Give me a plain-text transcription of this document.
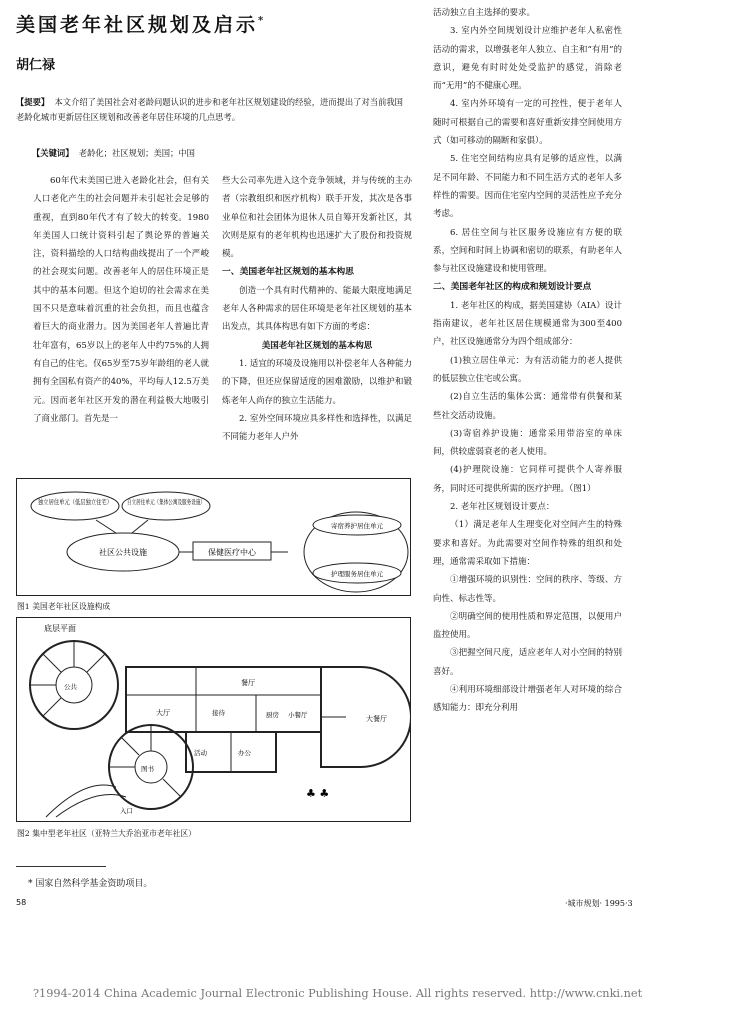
美国老年社区规划及启示*
胡仁禄
【提要】 本文介绍了美国社会对老龄问题认识的进步和老年社区规划建设的经验，进而提出了对当前我国老龄化城市更新居住区规划和改善老年居住环境的几点思考。
【关键词】 老龄化；社区规划；美国；中国

60年代末美国已进入老龄化社会，但有关人口老化产生的社会问题并未引起社会足够的重视，直到80年代才有了较大的转变。1980年美国人口统计资料引起了舆论界的普遍关注，资料描绘的人口结构曲线提出了一个严峻的社会现实问题。改善老年人的居住环境正是其中的基本问题。但这个迫切的社会需求在美国不只是意味着沉重的社会负担，而且也蕴含着巨大的商业潜力。因为美国老年人普遍比青壮年富有，65岁以上的老年人中约75%的人拥有自己的住宅。仅65岁至75岁年龄组的老人就拥有全国私有资产的40%，平均每人12.5万美元。因而老年社区开发的潜在利益极大地吸引了商业部门。首先是一

些大公司率先进入这个竞争领域，并与传统的主办者（宗教组织和医疗机构）联手开发，其次是各事业单位和社会团体为退休人员自筹开发新社区，其次则是原有的老年机构也迅速扩大了股份和投资规模。

一、美国老年社区规划的基本构思

创造一个具有时代精神的、能最大限度地满足老年人各种需求的居住环境是老年社区规划的基本出发点，其具体构思有如下方面的考虑：

美国老年社区规划的基本构思

1. 适宜的环境及设施用以补偿老年人各种能力的下降，但还应保留适度的困难激励，以维护和锻炼老年人尚存的独立生活能力。

2. 室外空间环境应具多样性和选择性，以满足不同能力老年人户外

活动独立自主选择的要求。

3. 室内外空间规划设计应维护老年人私密性活动的需求，以增强老年人独立、自主和“有用”的意识，避免有时时处处受监护的感觉，消除老而“无用”的不健康心理。

4. 室内外环境有一定的可控性，便于老年人随时可根据自己的需要和喜好重新安排空间使用方式（如可移动的隔断和家俱）。

5. 住宅空间结构应具有足够的适应性，以满足不同年龄、不同能力和不同生活方式的老年人多样性的需要。因而住宅室内空间的灵活性应予充分考虑。

6. 居住空间与社区服务设施应有方便的联系，空间和时间上协调和密切的联系，有助老年人参与社区设施建设和使用管理。

二、美国老年社区的构成和规划设计要点

1. 老年社区的构成，据美国建协（AIA）设计指南建议，老年社区居住规模通常为300至400户，社区设施通常分为四个组成部分：

(1)独立居住单元：为有活动能力的老人提供的低层独立住宅或公寓。

(2)自立生活的集体公寓：通常带有供餐和某些社交活动设施。

(3)寄宿养护设施：通常采用带浴室的单床间，供较虚弱衰老的老人使用。

(4)护理院设施：它同样可提供个人寄养服务，同时还可提供所需的医疗护理。（图1）

2. 老年社区规划设计要点：

（1）满足老年人生理变化对空间产生的特殊要求和喜好。为此需要对空间作特殊的组织和处理，通常需采取如下措施：

①增强环境的识别性：空间的秩序、等级、方向性、标志性等。

②明确空间的使用性质和界定范围，以便用户监控使用。

③把握空间尺度，适应老年人对小空间的特别喜好。

④利用环境细部设计增强老年人对环境的综合感知能力：即充分利用

独立居住单元（低层独立住宅）
自立居住单元（集体公寓及服务设施）
社区公共设施	保健医疗中心
寄宿养护居住单元
护理服务居住单元
图1 美国老年社区设施构成
底层平面
餐厅
大餐厅
大厅	小餐厅
厨房
接待
入口
公共
图书
活动	办公
♣ ♣
图2 集中型老年社区（亚特兰大乔治亚市老年社区）
* 国家自然科学基金资助项目。
58	·城市规划· 1995·3
?1994-2014 China Academic Journal Electronic Publishing House. All rights reserved. http://www.cnki.net
